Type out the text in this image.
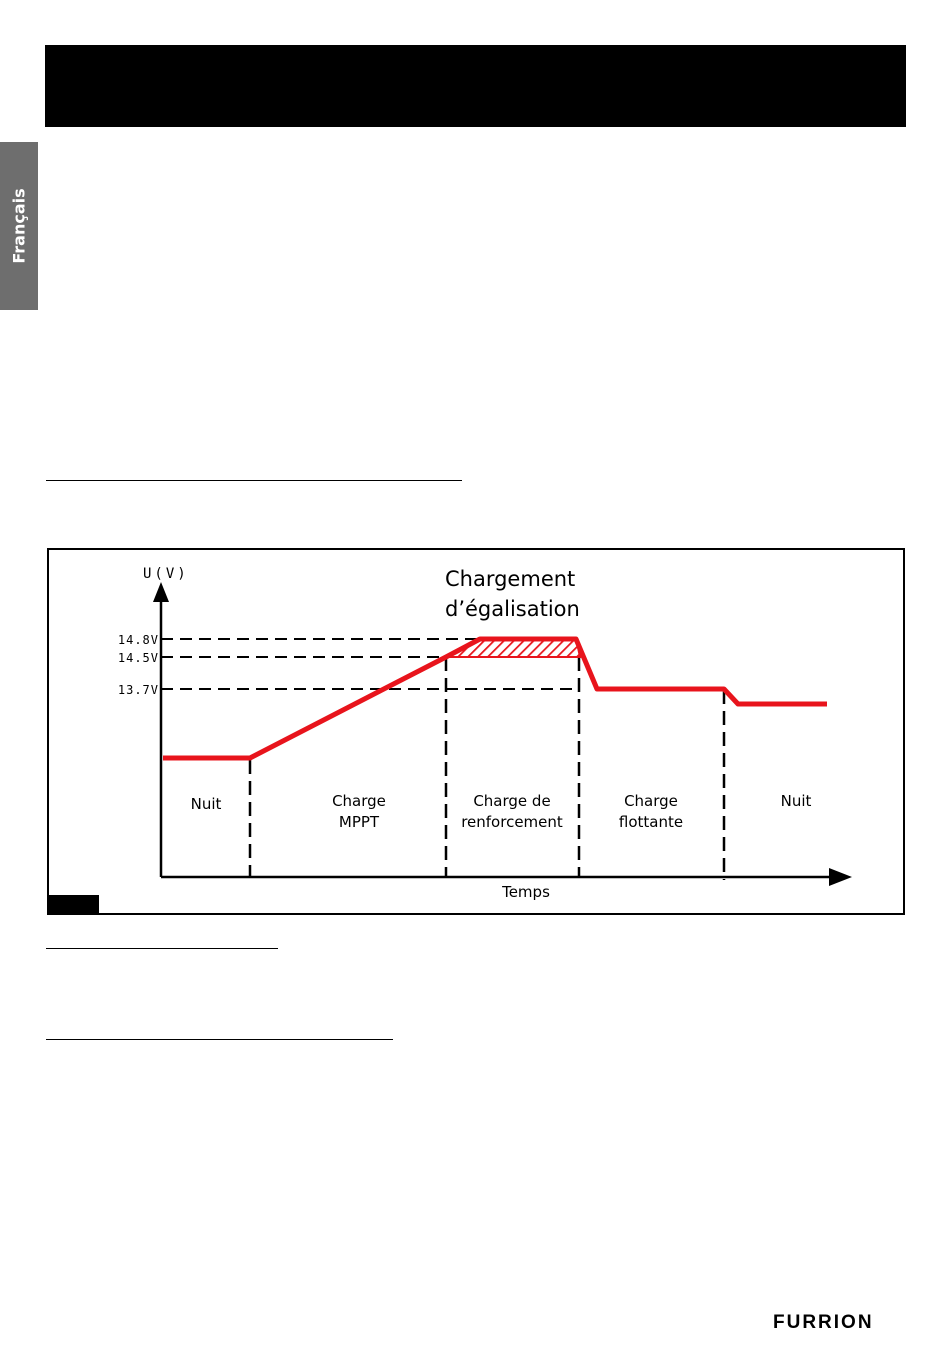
Français
U(V)
Temps
14.8V
14.5V
13.7V
Chargement
d’égalisation
Nuit	Charge
MPPT
Charge de
renforcement
Charge
flottante
Nuit
FURRION
